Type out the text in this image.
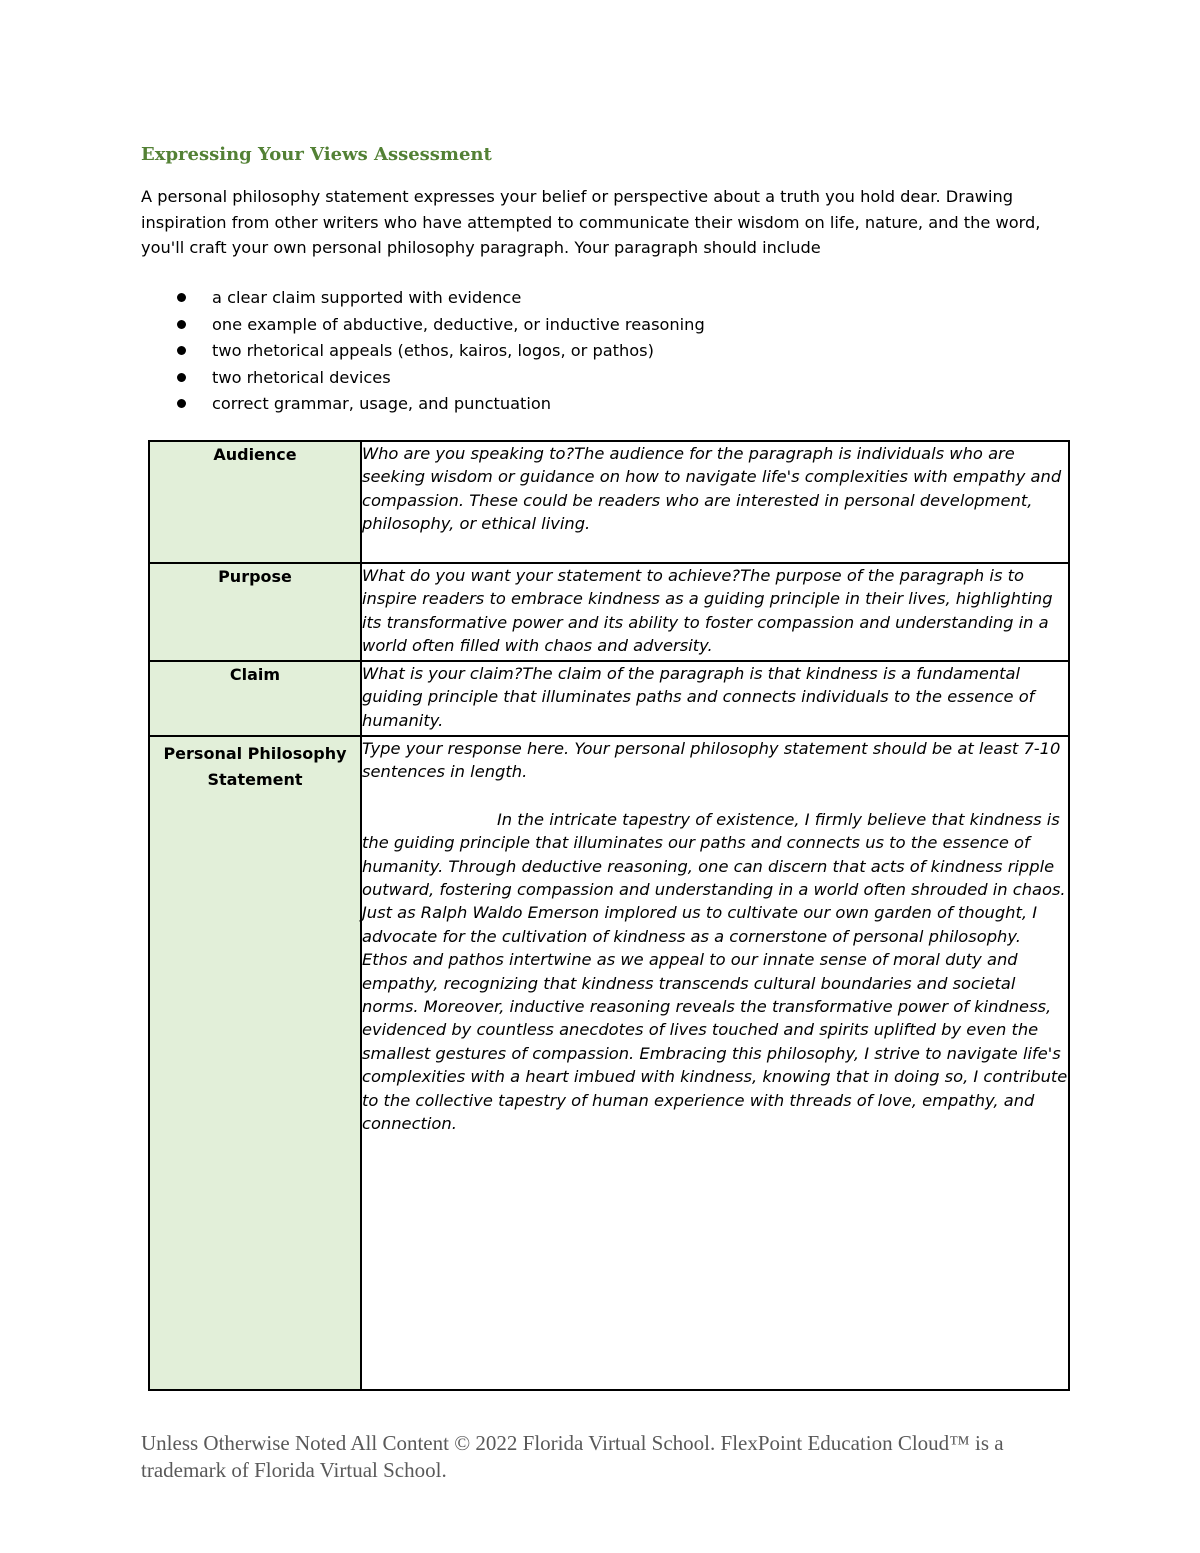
Expressing Your Views Assessment
A personal philosophy statement expresses your belief or perspective about a truth you hold dear. Drawing inspiration from other writers who have attempted to communicate their wisdom on life, nature, and the word, you'll craft your own personal philosophy paragraph. Your paragraph should include
a clear claim supported with evidence
one example of abductive, deductive, or inductive reasoning
two rhetorical appeals (ethos, kairos, logos, or pathos)
two rhetorical devices
correct grammar, usage, and punctuation
Audience	Who are you speaking to?The audience for the paragraph is individuals who are seeking wisdom or guidance on how to navigate life's complexities with empathy and compassion. These could be readers who are interested in personal development, philosophy, or ethical living.
Purpose	What do you want your statement to achieve?The purpose of the paragraph is to inspire readers to embrace kindness as a guiding principle in their lives, highlighting its transformative power and its ability to foster compassion and understanding in a world often filled with chaos and adversity.
Claim	What is your claim?The claim of the paragraph is that kindness is a fundamental guiding principle that illuminates paths and connects individuals to the essence of humanity.
Personal Philosophy Statement	Type your response here. Your personal philosophy statement should be at least 7-10 sentences in length.
In the intricate tapestry of existence, I firmly believe that kindness is the guiding principle that illuminates our paths and connects us to the essence of humanity. Through deductive reasoning, one can discern that acts of kindness ripple outward, fostering compassion and understanding in a world often shrouded in chaos. Just as Ralph Waldo Emerson implored us to cultivate our own garden of thought, I advocate for the cultivation of kindness as a cornerstone of personal philosophy. Ethos and pathos intertwine as we appeal to our innate sense of moral duty and empathy, recognizing that kindness transcends cultural boundaries and societal norms. Moreover, inductive reasoning reveals the transformative power of kindness, evidenced by countless anecdotes of lives touched and spirits uplifted by even the smallest gestures of compassion. Embracing this philosophy, I strive to navigate life's complexities with a heart imbued with kindness, knowing that in doing so, I contribute to the collective tapestry of human experience with threads of love, empathy, and connection.
Unless Otherwise Noted All Content © 2022 Florida Virtual School. FlexPoint Education Cloud™ is a trademark of Florida Virtual School.
